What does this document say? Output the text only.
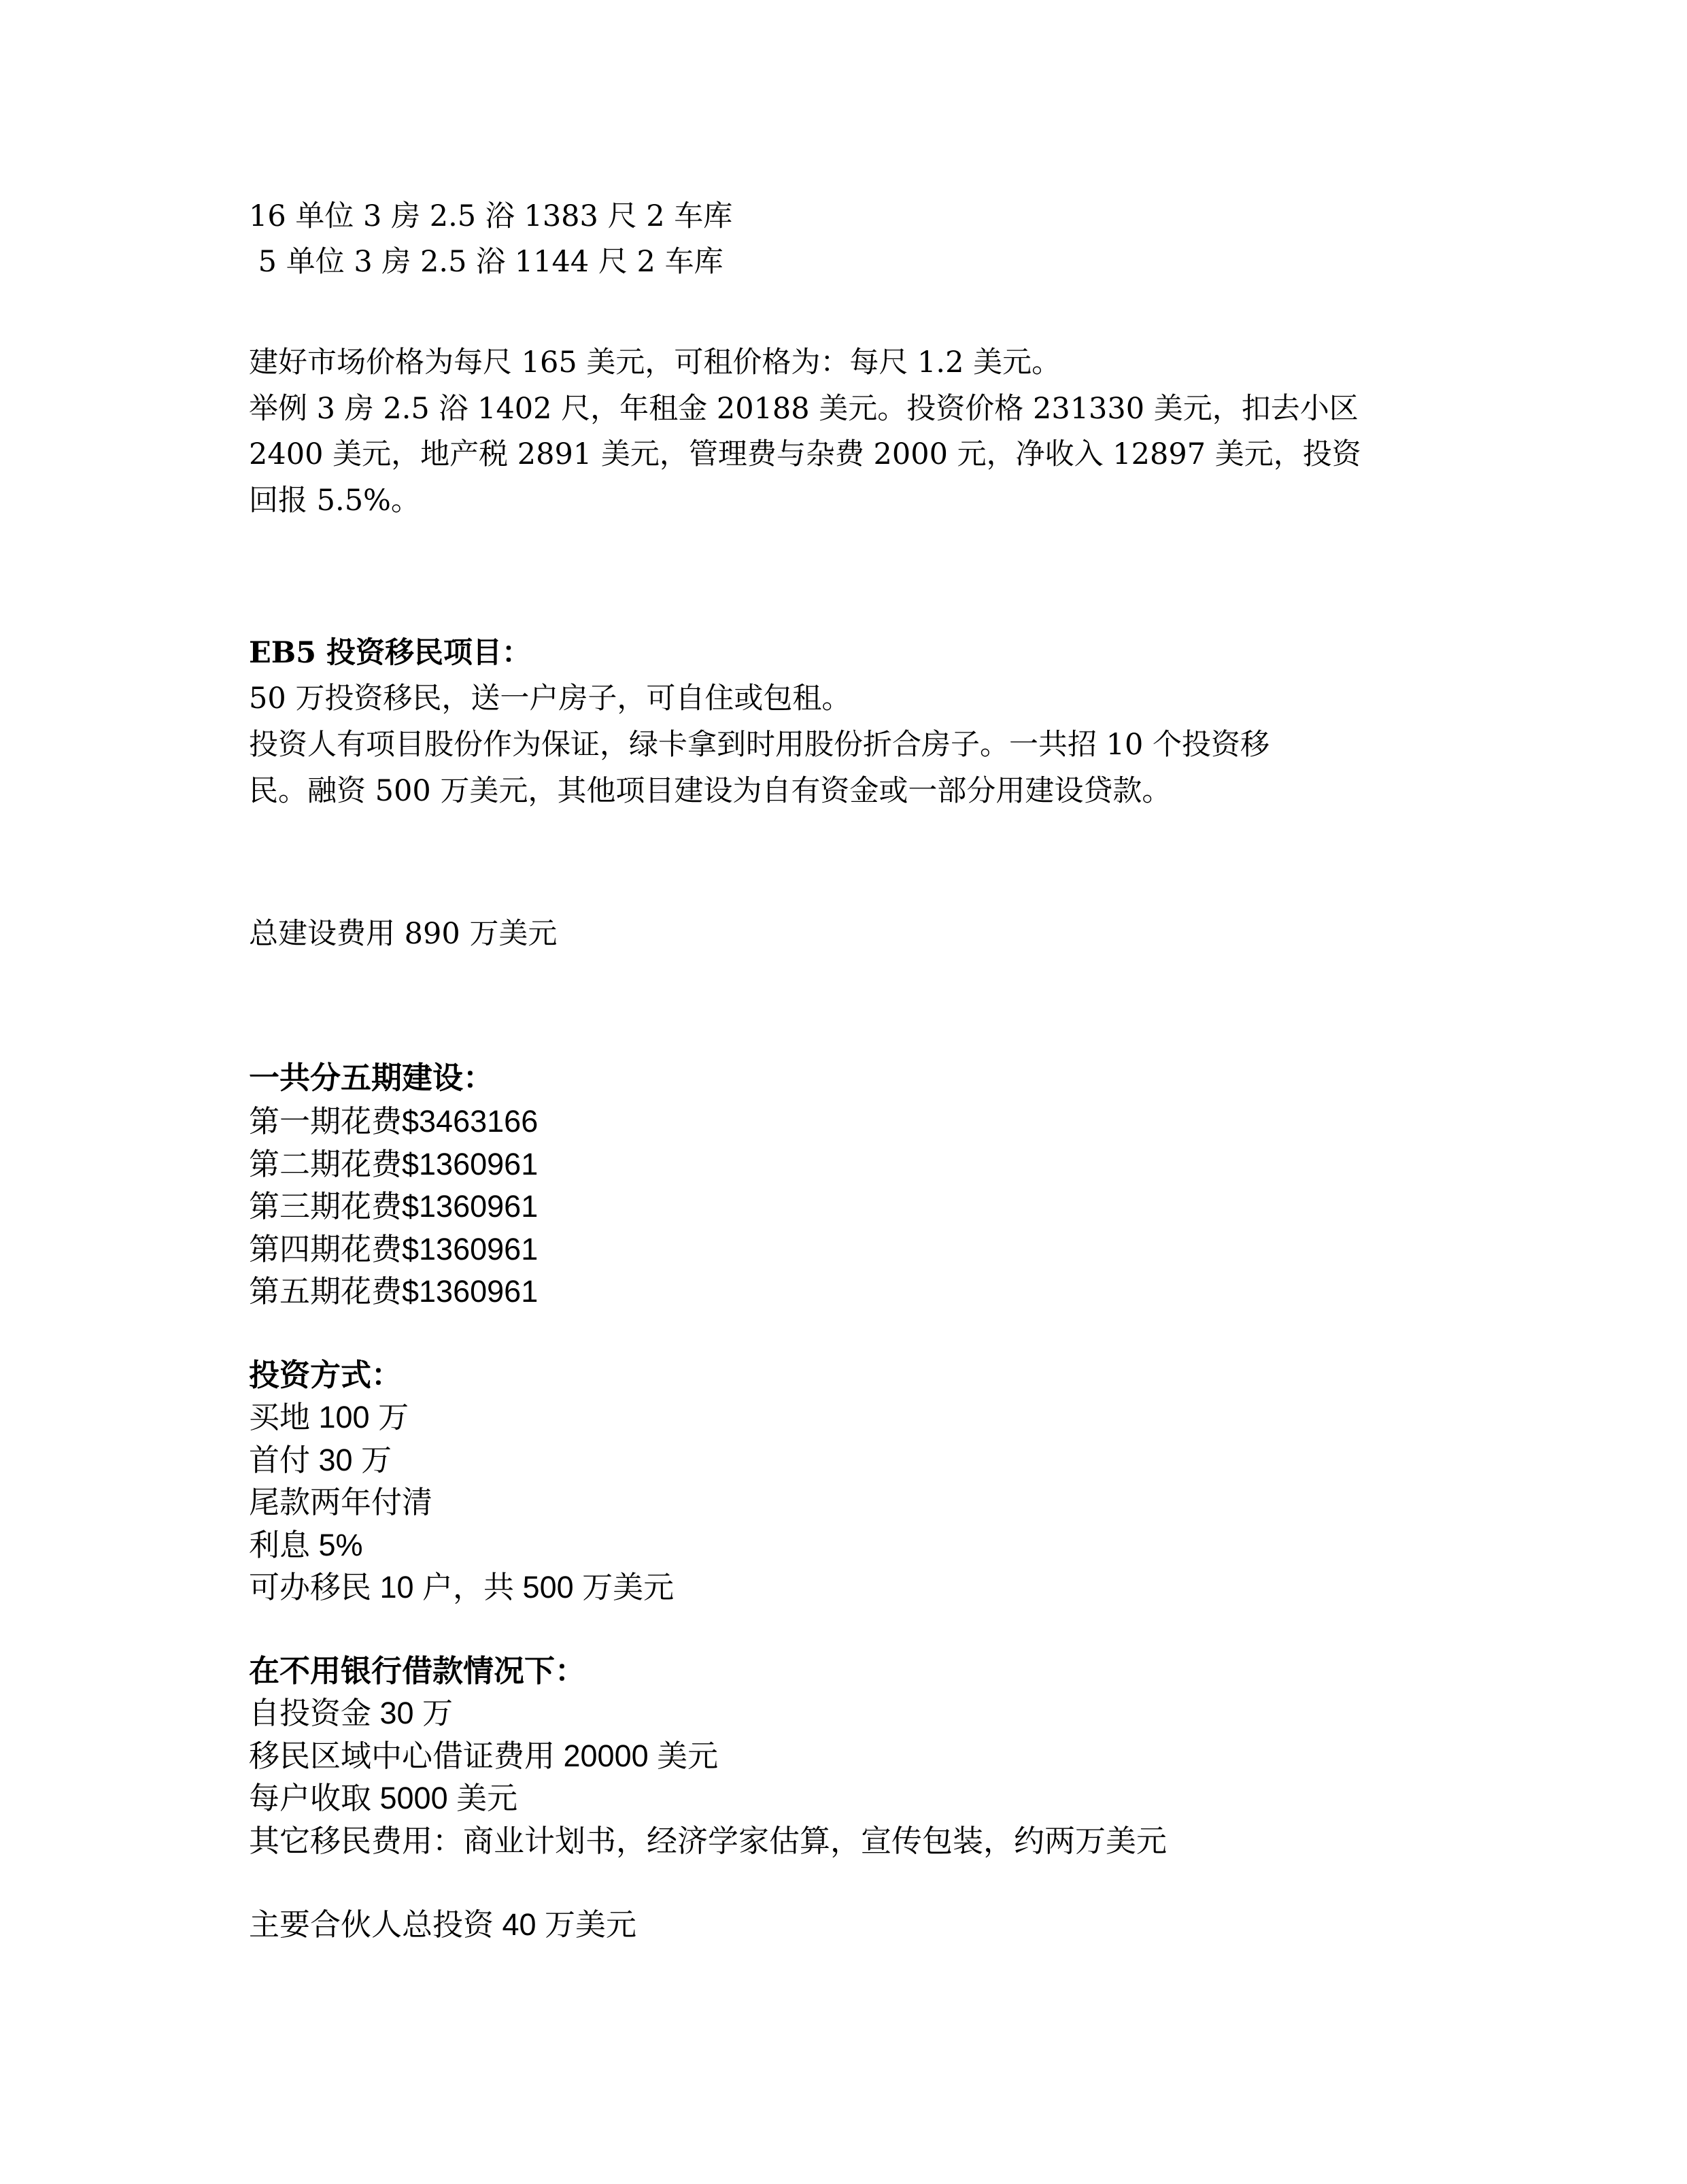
16 单位 3 房 2.5 浴 1383 尺 2 车库
5 单位 3 房 2.5 浴 1144 尺 2 车库
建好市场价格为每尺 165 美元，可租价格为：每尺 1.2 美元。
举例 3 房 2.5 浴 1402 尺，年租金 20188 美元。投资价格 231330 美元，扣去小区
2400 美元，地产税 2891 美元，管理费与杂费 2000 元，净收入 12897 美元，投资
回报 5.5%。
EB5 投资移民项目：
50 万投资移民，送一户房子，可自住或包租。
投资人有项目股份作为保证，绿卡拿到时用股份折合房子。一共招 10 个投资移
民。融资 500 万美元，其他项目建设为自有资金或一部分用建设贷款。
总建设费用 890 万美元
一共分五期建设：
第一期花费$3463166
第二期花费$1360961
第三期花费$1360961
第四期花费$1360961
第五期花费$1360961
投资方式：
买地 100 万
首付 30 万
尾款两年付清
利息 5%
可办移民 10 户，共 500 万美元
在不用银行借款情况下：
自投资金 30 万
移民区域中心借证费用 20000 美元
每户收取 5000 美元
其它移民费用：商业计划书，经济学家估算，宣传包装，约两万美元
主要合伙人总投资 40 万美元
